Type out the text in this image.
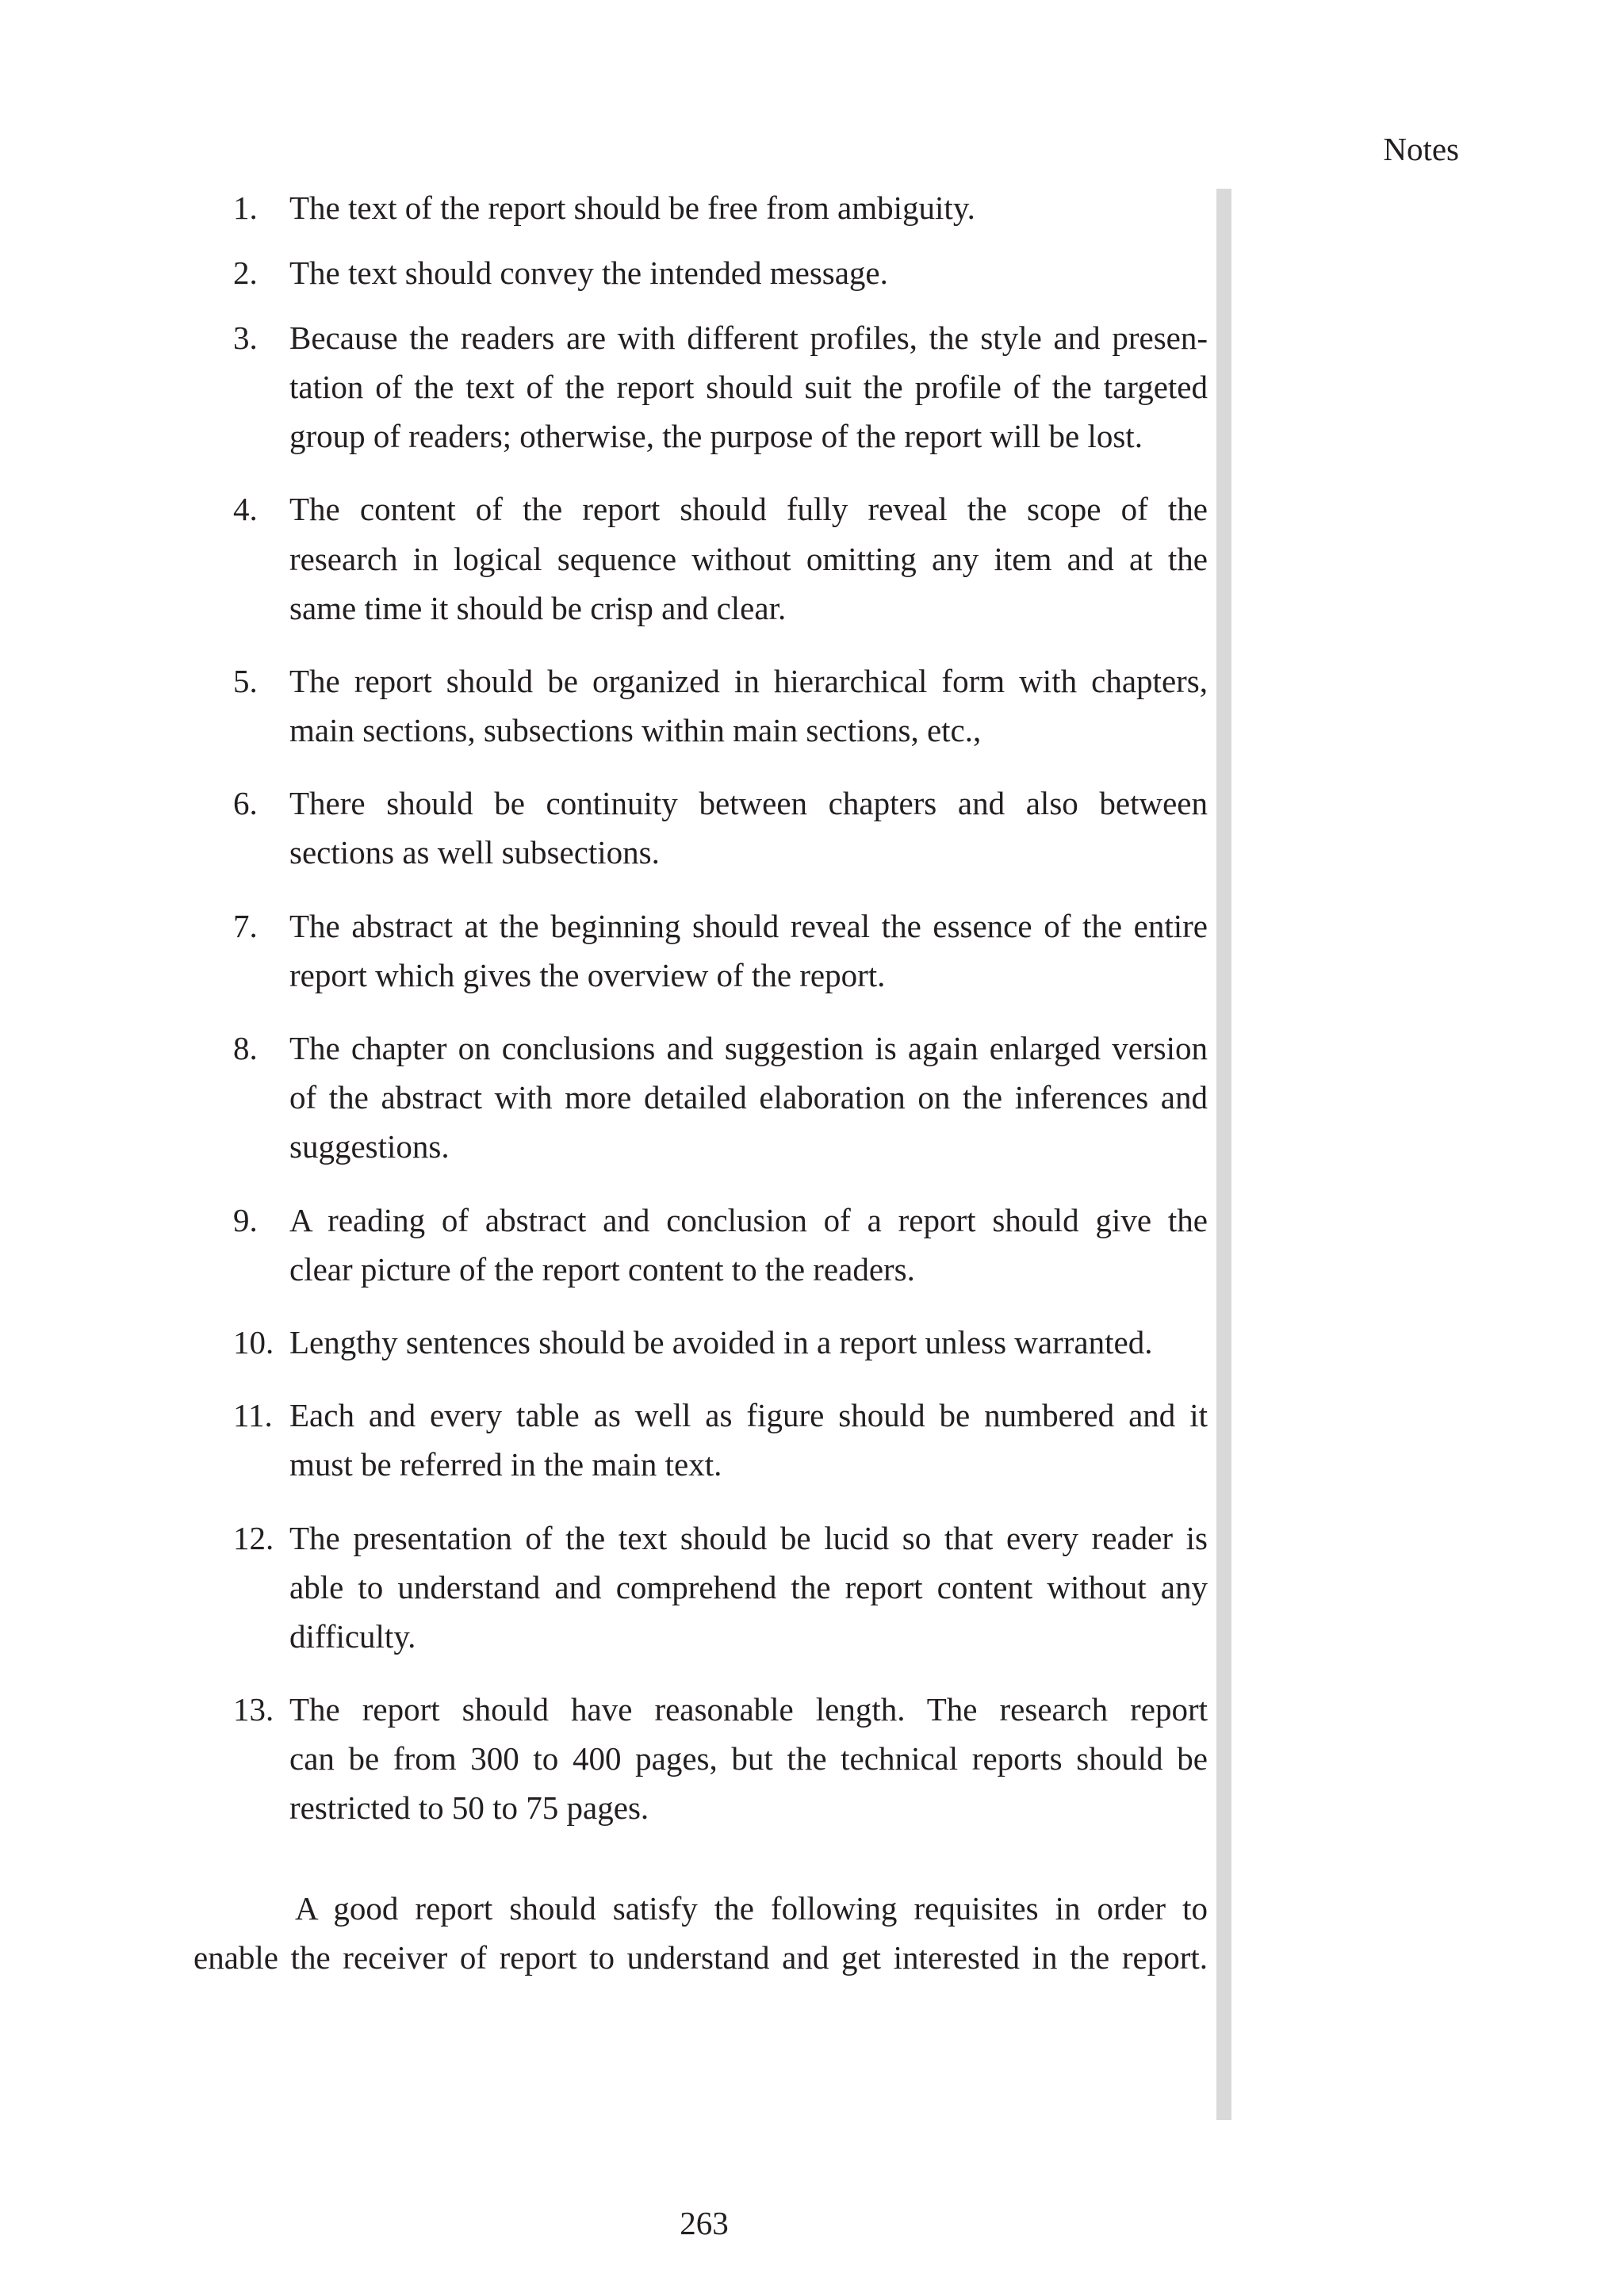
Notes
1. The text of the report should be free from ambiguity.
2. The text should convey the intended message.
3. Because the readers are with different profiles, the style and presen-
tation of the text of the report should suit the profile of the targeted
group of readers; otherwise, the purpose of the report will be lost.
4. The content of the report should fully reveal the scope of the
research in logical sequence without omitting any item and at the
same time it should be crisp and clear.
5. The report should be organized in hierarchical form with chapters,
main sections, subsections within main sections, etc.,
6. There should be continuity between chapters and also between
sections as well subsections.
7. The abstract at the beginning should reveal the essence of the entire
report which gives the overview of the report.
8. The chapter on conclusions and suggestion is again enlarged version
of the abstract with more detailed elaboration on the inferences and
suggestions.
9. A reading of abstract and conclusion of a report should give the
clear picture of the report content to the readers.
10. Lengthy sentences should be avoided in a report unless warranted.
11. Each and every table as well as figure should be numbered and it
must be referred in the main text.
12. The presentation of the text should be lucid so that every reader is
able to understand and comprehend the report content without any
difficulty.
13. The report should have reasonable length. The research report
can be from 300 to 400 pages, but the technical reports should be
restricted to 50 to 75 pages.
A good report should satisfy the following requisites in order to
enable the receiver of report to understand and get interested in the report.
263
